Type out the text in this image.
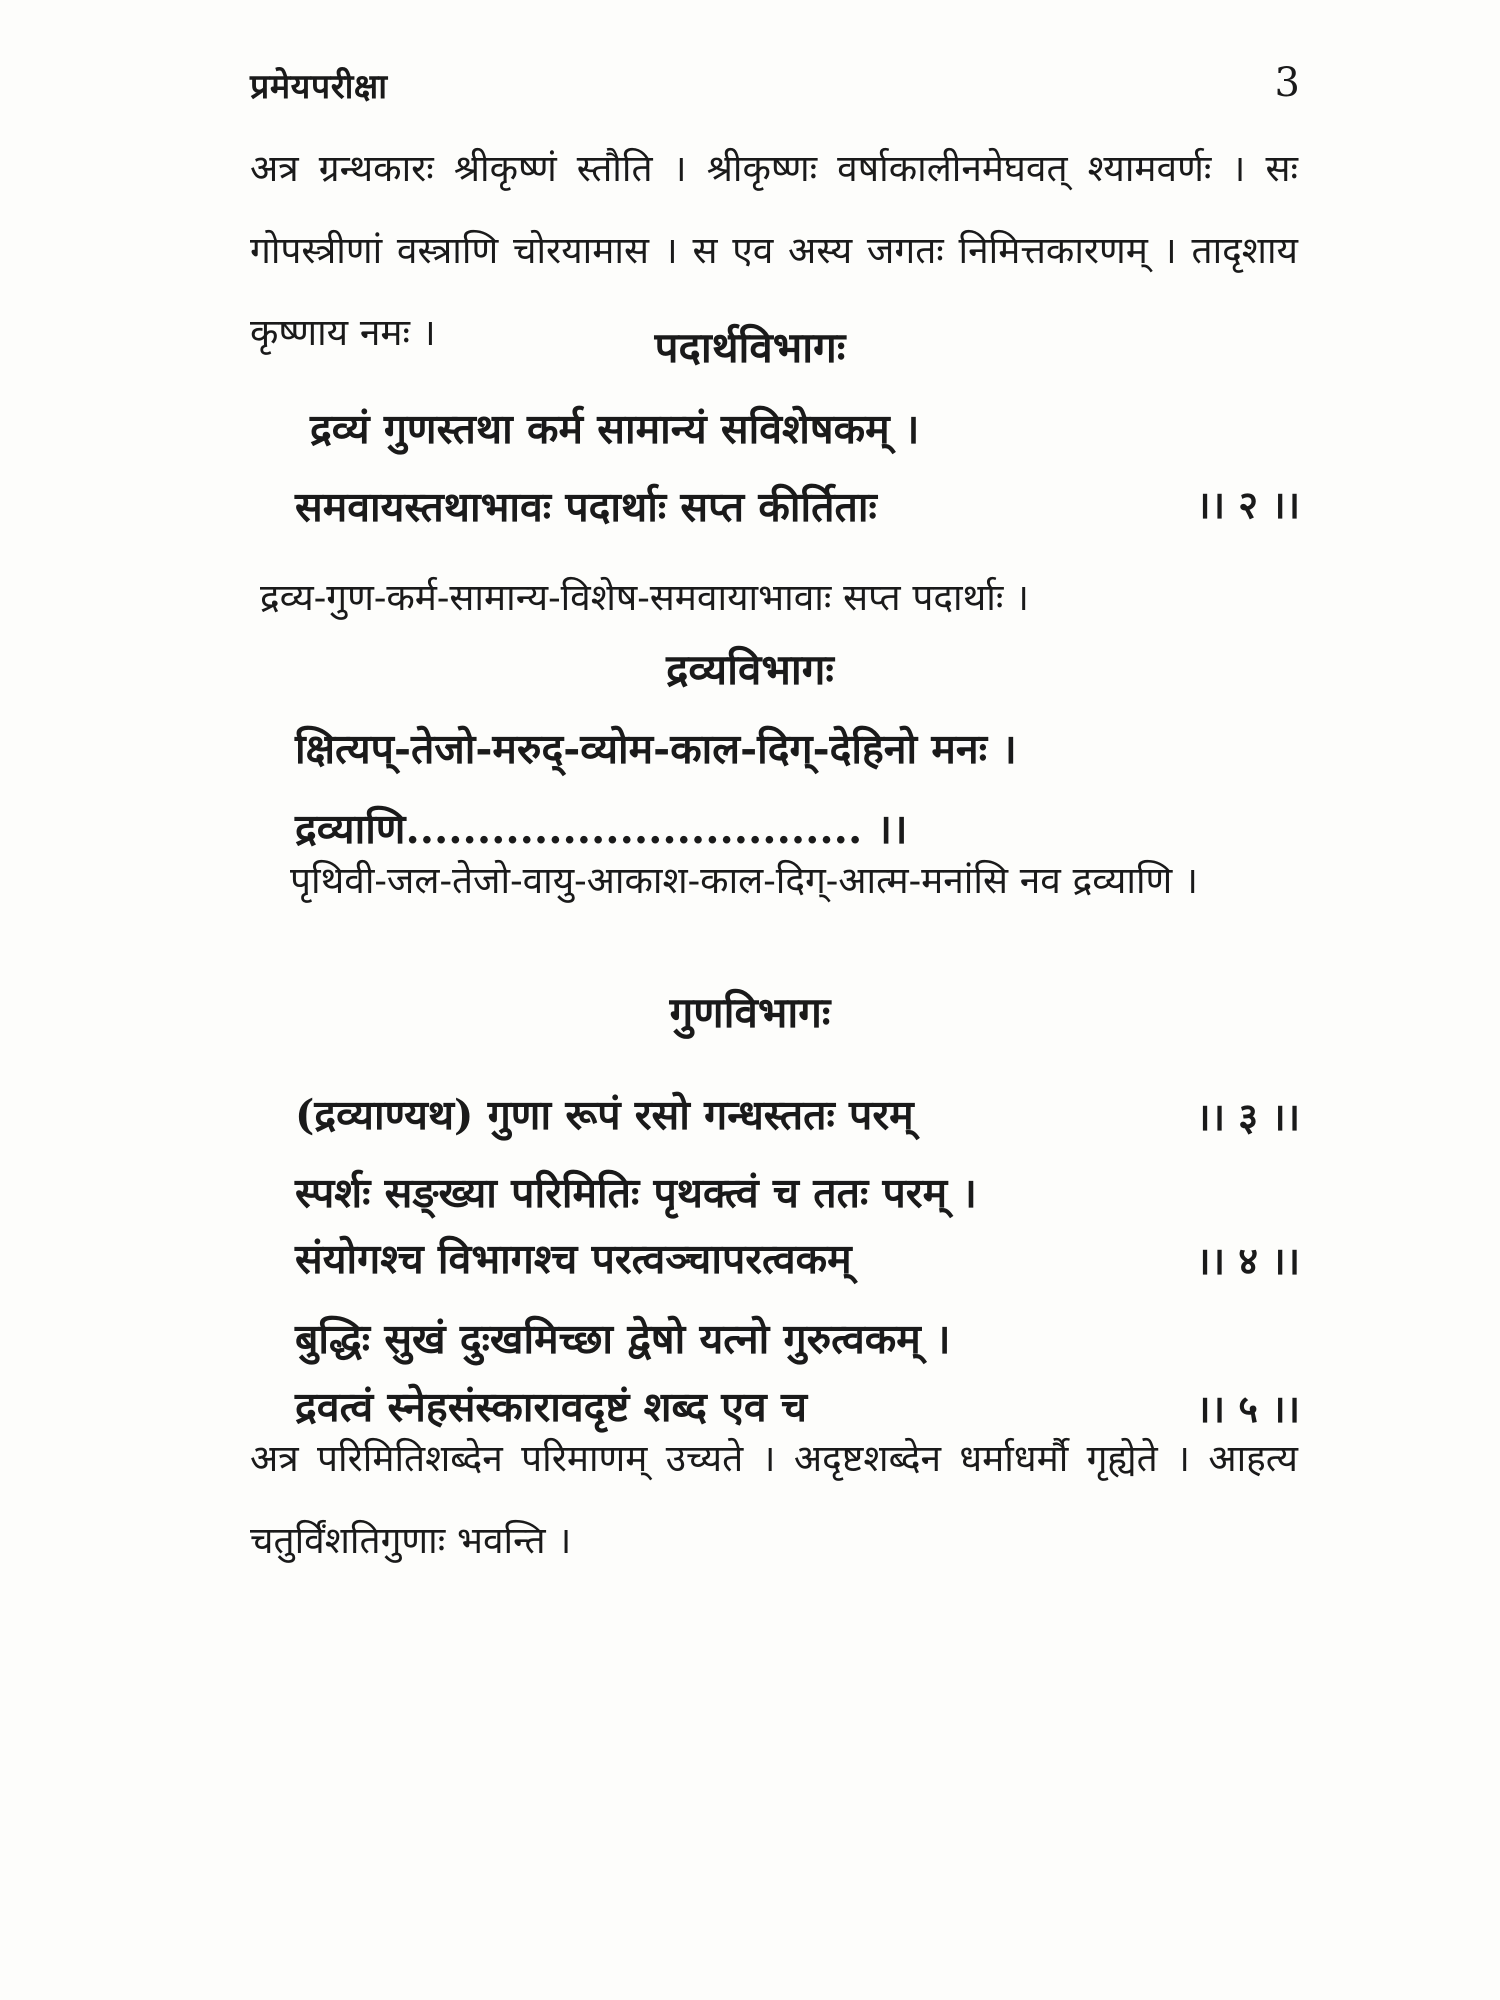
प्रमेयपरीक्षा	3
अत्र ग्रन्थकारः श्रीकृष्णं स्तौति । श्रीकृष्णः वर्षाकालीनमेघवत् श्यामवर्णः । सः गोपस्त्रीणां वस्त्राणि चोरयामास । स एव अस्य जगतः निमित्तकारणम् । तादृशाय कृष्णाय नमः ।	पदार्थविभागः
द्रव्यं गुणस्तथा कर्म सामान्यं सविशेषकम् ।
समवायस्तथाभावः पदार्थाः सप्त कीर्तिताः	।। २ ।।
द्रव्य-गुण-कर्म-सामान्य-विशेष-समवायाभावाः सप्त पदार्थाः ।
द्रव्यविभागः
क्षित्यप्-तेजो-मरुद्-व्योम-काल-दिग्-देहिनो मनः ।
द्रव्याणि................................ ।।
पृथिवी-जल-तेजो-वायु-आकाश-काल-दिग्-आत्म-मनांसि नव द्रव्याणि ।
गुणविभागः
(द्रव्याण्यथ) गुणा रूपं रसो गन्धस्ततः परम्	।। ३ ।।
स्पर्शः सङ्ख्या परिमितिः पृथक्त्वं च ततः परम् ।
संयोगश्च विभागश्च परत्वञ्चापरत्वकम्	।। ४ ।।
बुद्धिः सुखं दुःखमिच्छा द्वेषो यत्नो गुरुत्वकम् ।
द्रवत्वं स्नेहसंस्कारावदृष्टं शब्द एव च	।। ५ ।।
अत्र परिमितिशब्देन परिमाणम् उच्यते । अदृष्टशब्देन धर्माधर्मौ गृह्येते । आहत्य चतुर्विंशतिगुणाः भवन्ति ।
